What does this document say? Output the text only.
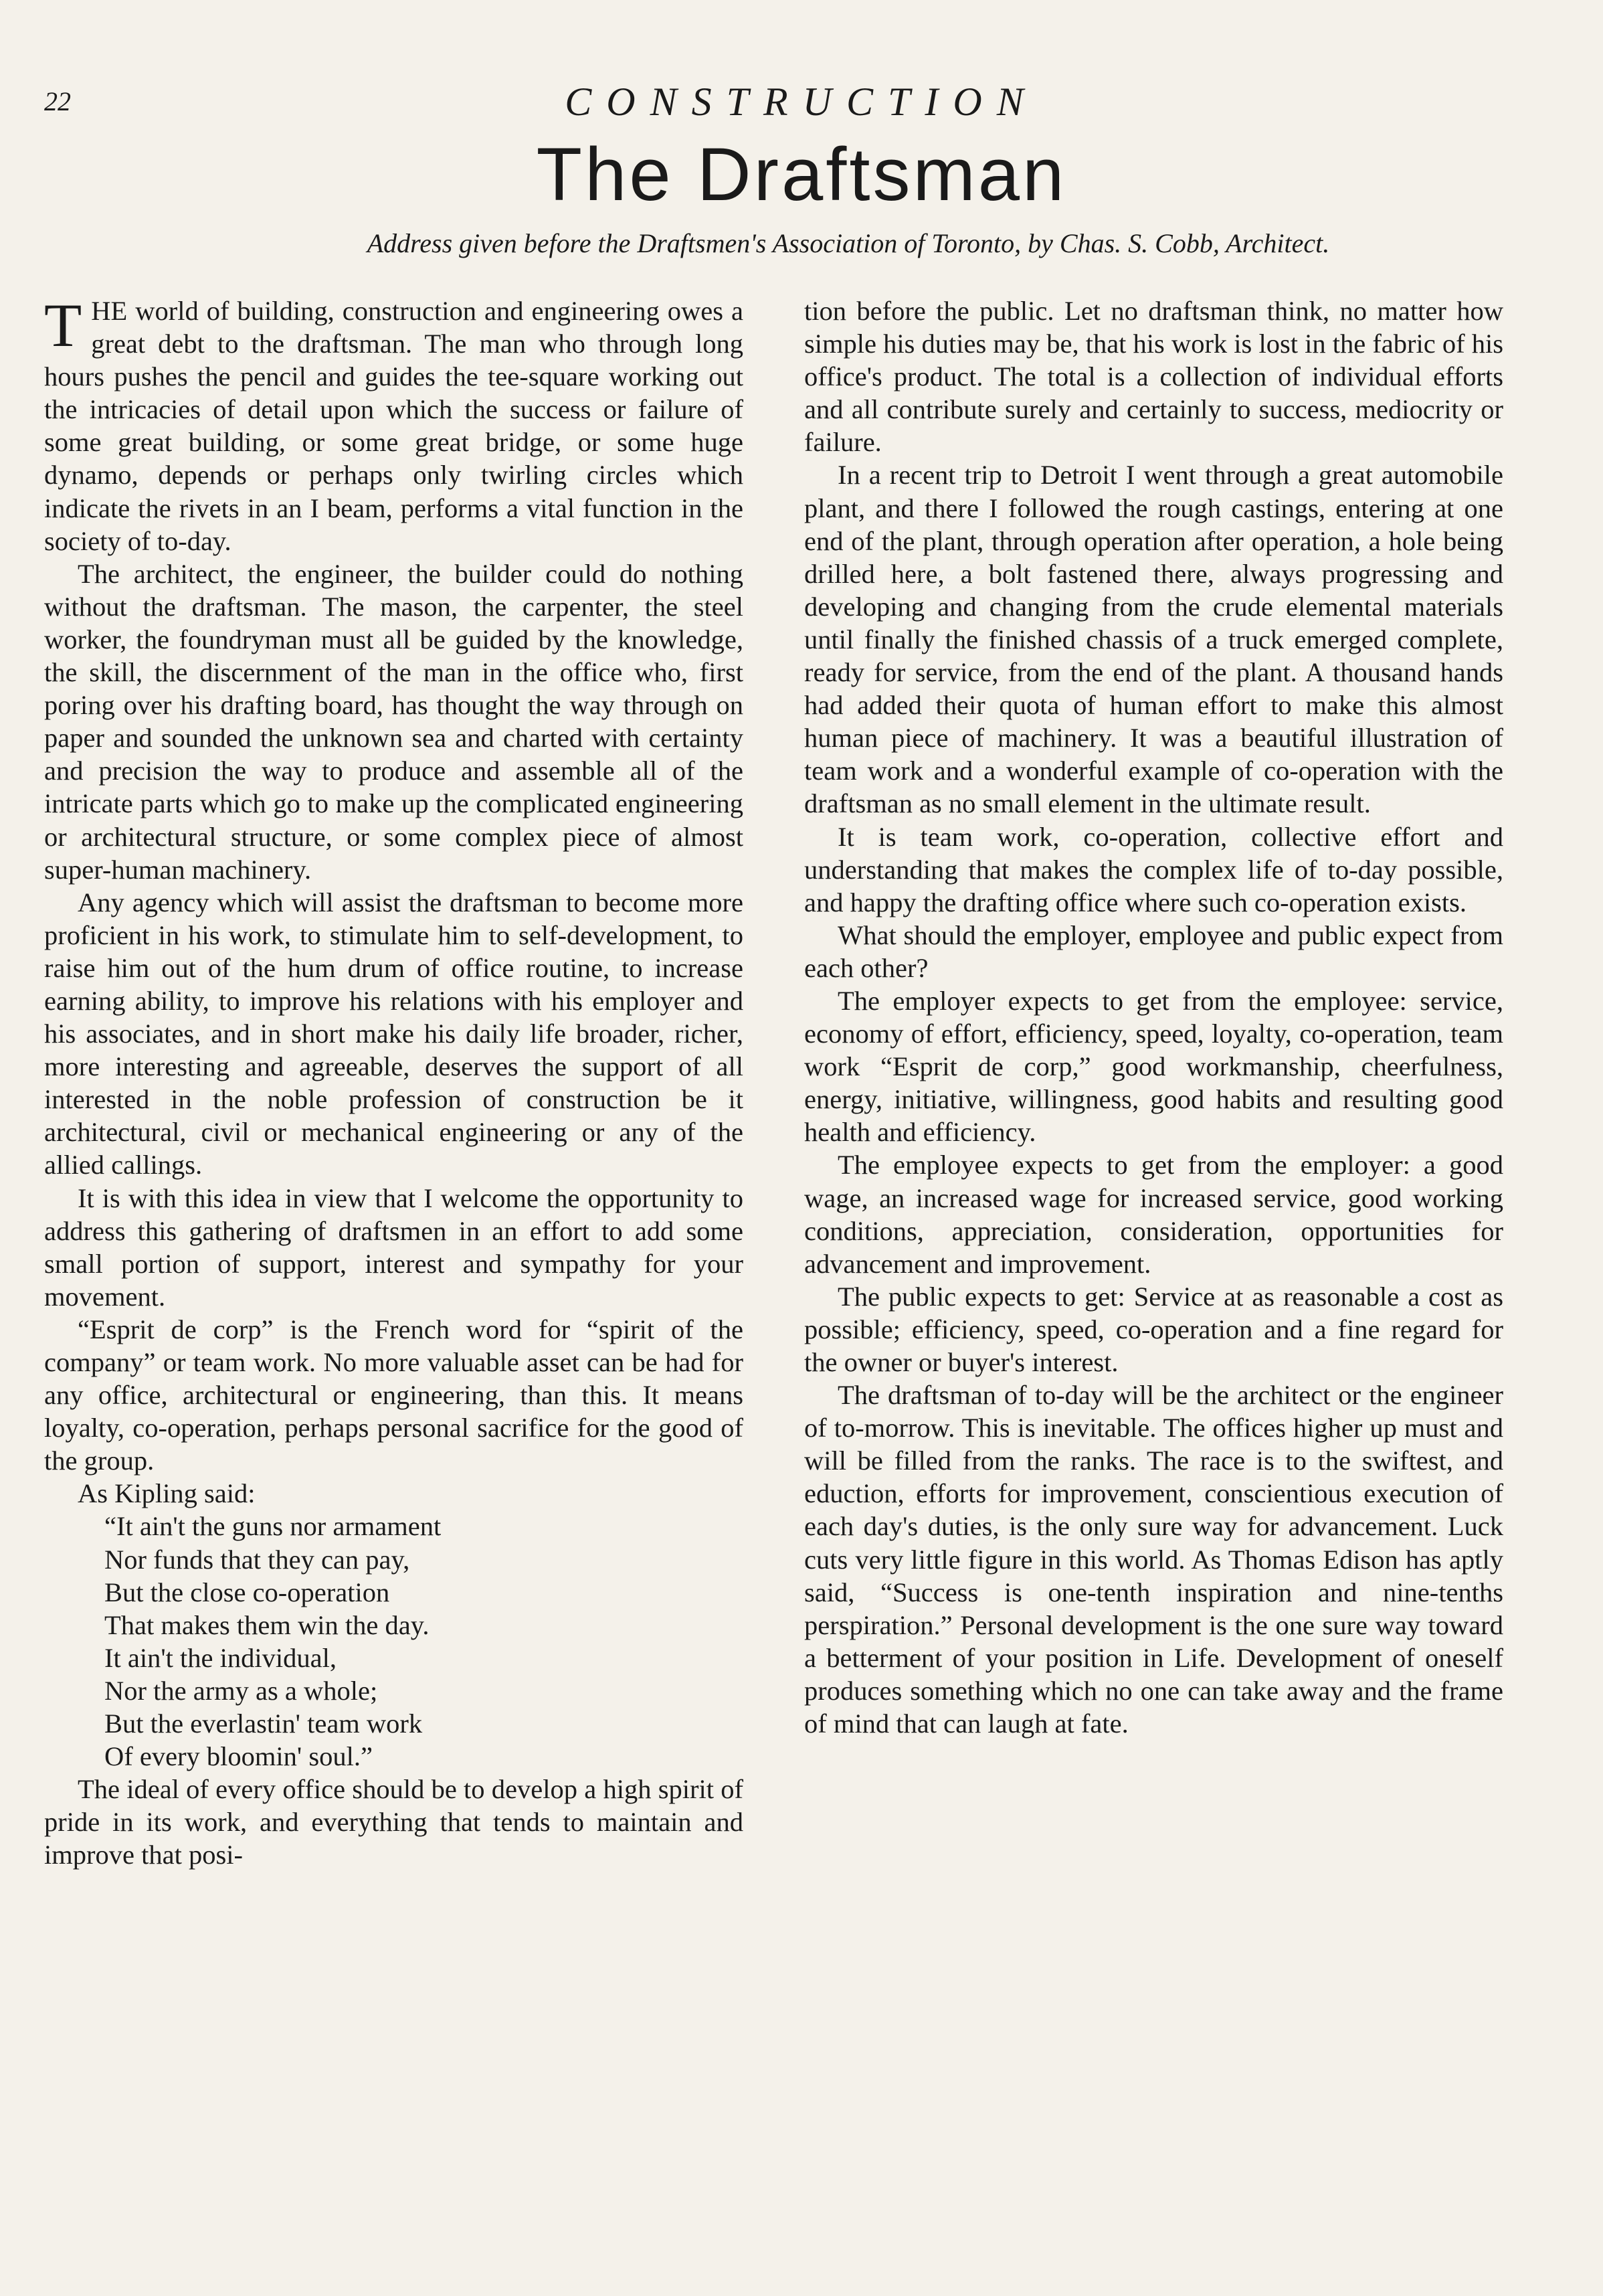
22	CONSTRUCTION
The Draftsman
Address given before the Draftsmen's Association of Toronto, by Chas. S. Cobb, Architect.

THE world of building, construction and engineering owes a great debt to the draftsman. The man who through long hours pushes the pencil and guides the tee-square working out the intricacies of detail upon which the success or failure of some great building, or some great bridge, or some huge dynamo, depends or perhaps only twirling circles which indicate the rivets in an I beam, performs a vital function in the society of to-day.

The architect, the engineer, the builder could do nothing without the draftsman. The mason, the carpenter, the steel worker, the foundryman must all be guided by the knowledge, the skill, the discernment of the man in the office who, first poring over his drafting board, has thought the way through on paper and sounded the unknown sea and charted with certainty and precision the way to produce and assemble all of the intricate parts which go to make up the complicated engineering or architectural structure, or some complex piece of almost super-human machinery.

Any agency which will assist the draftsman to become more proficient in his work, to stimulate him to self-development, to raise him out of the hum drum of office routine, to increase earning ability, to improve his relations with his employer and his associates, and in short make his daily life broader, richer, more interesting and agreeable, deserves the support of all interested in the noble profession of construction be it architectural, civil or mechanical engineering or any of the allied callings.

It is with this idea in view that I welcome the opportunity to address this gathering of draftsmen in an effort to add some small portion of support, interest and sympathy for your movement.

“Esprit de corp” is the French word for “spirit of the company” or team work. No more valuable asset can be had for any office, architectural or engineering, than this. It means loyalty, co-operation, perhaps personal sacrifice for the good of the group.

As Kipling said:

“It ain't the guns nor armament
Nor funds that they can pay,
But the close co-operation
That makes them win the day.
It ain't the individual,
Nor the army as a whole;
But the everlastin' team work
Of every bloomin' soul.”

The ideal of every office should be to develop a high spirit of pride in its work, and everything that tends to maintain and improve that posi-

tion before the public. Let no draftsman think, no matter how simple his duties may be, that his work is lost in the fabric of his office's product. The total is a collection of individual efforts and all contribute surely and certainly to success, mediocrity or failure.

In a recent trip to Detroit I went through a great automobile plant, and there I followed the rough castings, entering at one end of the plant, through operation after operation, a hole being drilled here, a bolt fastened there, always progressing and developing and changing from the crude elemental materials until finally the finished chassis of a truck emerged complete, ready for service, from the end of the plant. A thousand hands had added their quota of human effort to make this almost human piece of machinery. It was a beautiful illustration of team work and a wonderful example of co-operation with the draftsman as no small element in the ultimate result.

It is team work, co-operation, collective effort and understanding that makes the complex life of to-day possible, and happy the drafting office where such co-operation exists.

What should the employer, employee and public expect from each other?

The employer expects to get from the employee: service, economy of effort, efficiency, speed, loyalty, co-operation, team work “Esprit de corp,” good workmanship, cheerfulness, energy, initiative, willingness, good habits and resulting good health and efficiency.

The employee expects to get from the employer: a good wage, an increased wage for increased service, good working conditions, appreciation, consideration, opportunities for advancement and improvement.

The public expects to get: Service at as reasonable a cost as possible; efficiency, speed, co-operation and a fine regard for the owner or buyer's interest.

The draftsman of to-day will be the architect or the engineer of to-morrow. This is inevitable. The offices higher up must and will be filled from the ranks. The race is to the swiftest, and eduction, efforts for improvement, conscientious execution of each day's duties, is the only sure way for advancement. Luck cuts very little figure in this world. As Thomas Edison has aptly said, “Success is one-tenth inspiration and nine-tenths perspiration.” Personal development is the one sure way toward a betterment of your position in Life. Development of oneself produces something which no one can take away and the frame of mind that can laugh at fate.
